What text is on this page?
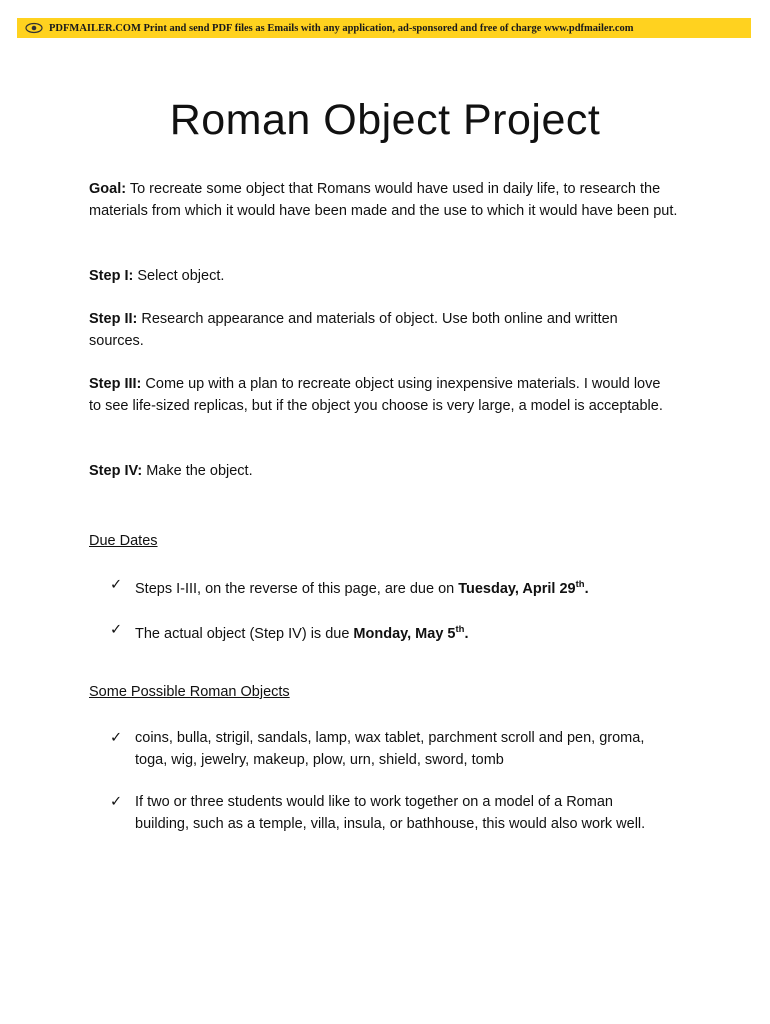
PDFMAILER.COM Print and send PDF files as Emails with any application, ad-sponsored and free of charge www.pdfmailer.com
Roman Object Project

Goal: To recreate some object that Romans would have used in daily life, to research the materials from which it would have been made and the use to which it would have been put.

Step I: Select object.

Step II: Research appearance and materials of object. Use both online and written sources.

Step III: Come up with a plan to recreate object using inexpensive materials. I would love to see life-sized replicas, but if the object you choose is very large, a model is acceptable.

Step IV: Make the object.

Due Dates

✓ Steps I-III, on the reverse of this page, are due on Tuesday, April 29th.
✓ The actual object (Step IV) is due Monday, May 5th.

Some Possible Roman Objects

✓ coins, bulla, strigil, sandals, lamp, wax tablet, parchment scroll and pen, groma, toga, wig, jewelry, makeup, plow, urn, shield, sword, tomb
✓ If two or three students would like to work together on a model of a Roman building, such as a temple, villa, insula, or bathhouse, this would also work well.
